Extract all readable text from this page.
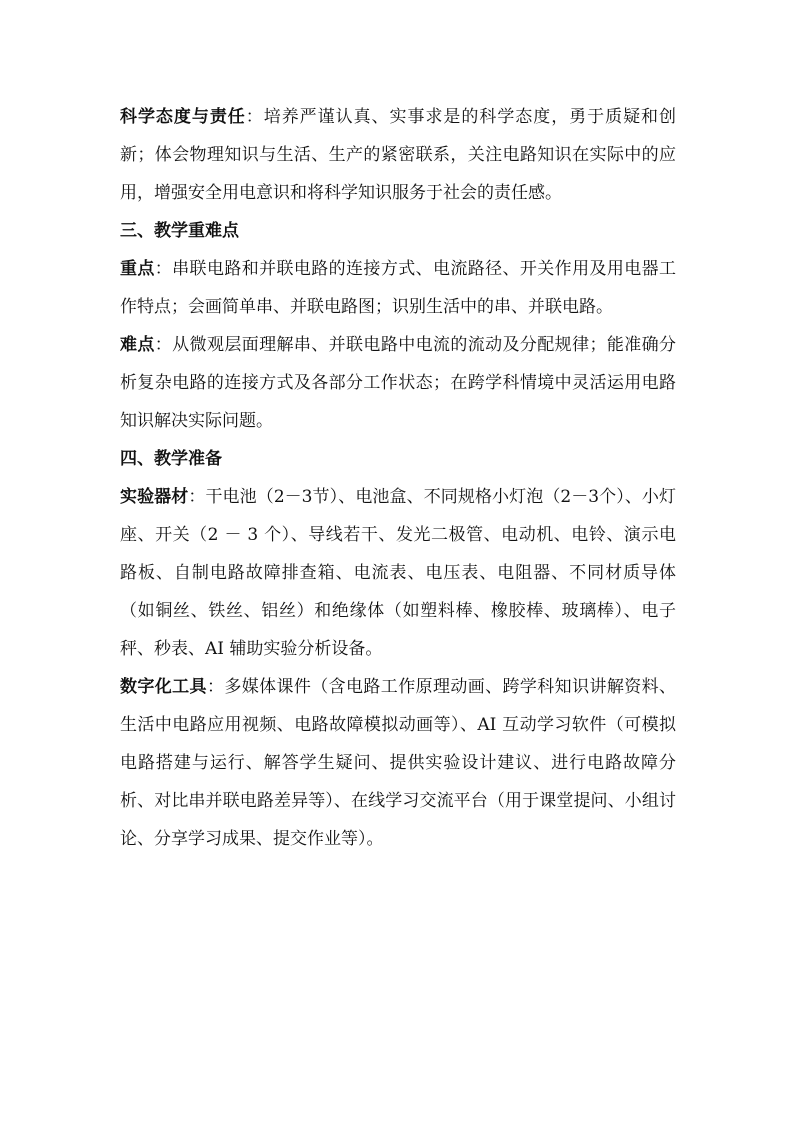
科学态度与责任：培养严谨认真、实事求是的科学态度，勇于质疑和创新；体会物理知识与生活、生产的紧密联系，关注电路知识在实际中的应用，增强安全用电意识和将科学知识服务于社会的责任感。

三、教学重难点

重点：串联电路和并联电路的连接方式、电流路径、开关作用及用电器工作特点；会画简单串、并联电路图；识别生活中的串、并联电路。

难点：从微观层面理解串、并联电路中电流的流动及分配规律；能准确分析复杂电路的连接方式及各部分工作状态；在跨学科情境中灵活运用电路知识解决实际问题。

四、教学准备

实验器材：干电池（2－3节）、电池盒、不同规格小灯泡（2－3个）、小灯座、开关（2 － 3 个）、导线若干、发光二极管、电动机、电铃、演示电路板、自制电路故障排查箱、电流表、电压表、电阻器、不同材质导体（如铜丝、铁丝、铝丝）和绝缘体（如塑料棒、橡胶棒、玻璃棒）、电子秤、秒表、AI 辅助实验分析设备。

数字化工具：多媒体课件（含电路工作原理动画、跨学科知识讲解资料、生活中电路应用视频、电路故障模拟动画等）、AI 互动学习软件（可模拟电路搭建与运行、解答学生疑问、提供实验设计建议、进行电路故障分析、对比串并联电路差异等）、在线学习交流平台（用于课堂提问、小组讨论、分享学习成果、提交作业等）。
